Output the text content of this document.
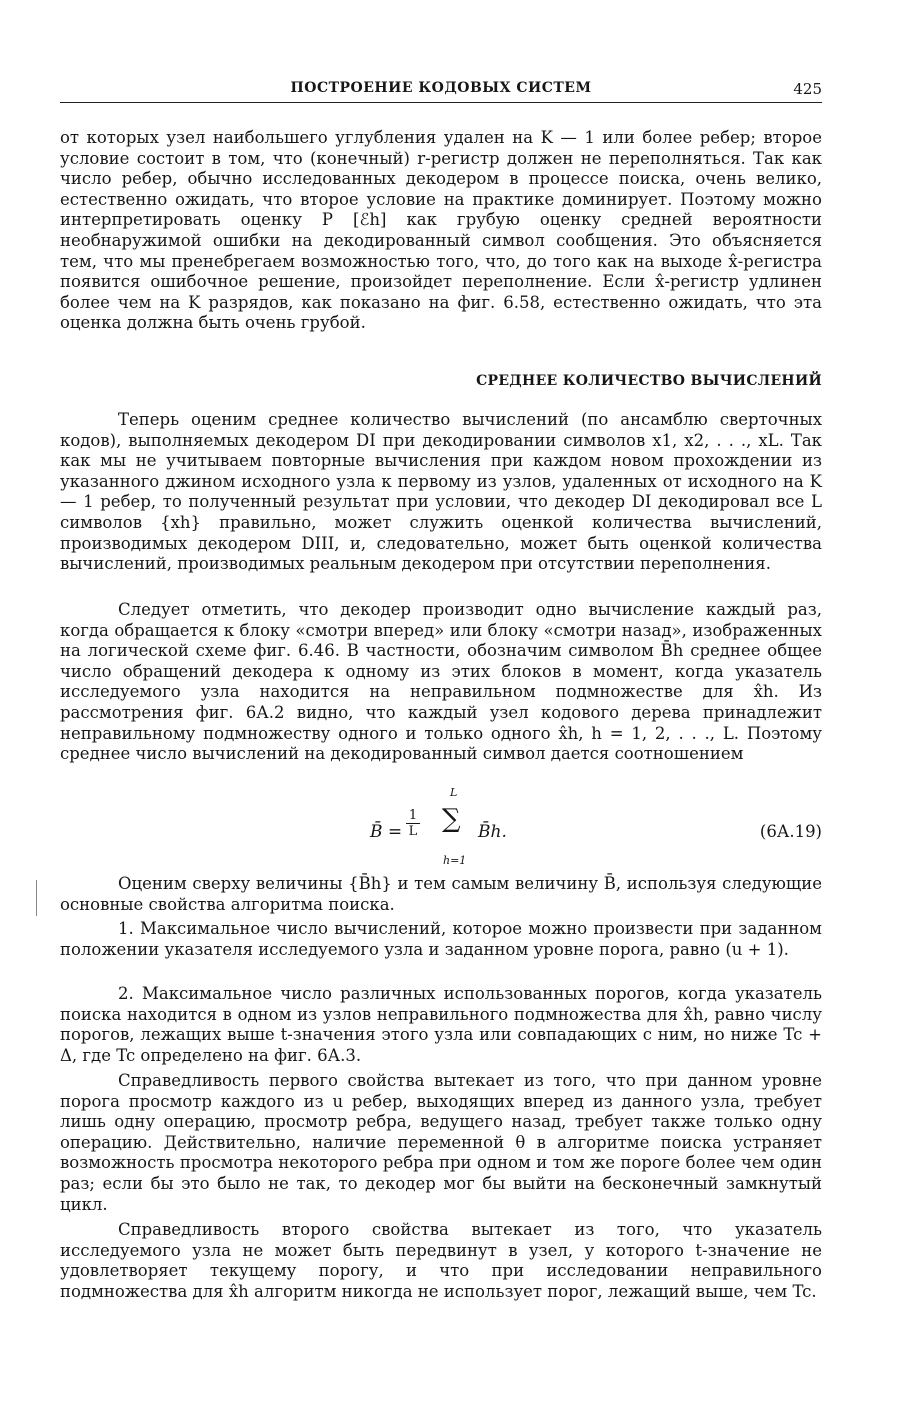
ПОСТРОЕНИЕ КОДОВЫХ СИСТЕМ	425

от которых узел наибольшего углубления удален на K — 1 или более ребер; второе условие состоит в том, что (конечный) r-регистр должен не переполняться. Так как число ребер, обычно исследованных декодером в процессе поиска, очень велико, естественно ожидать, что второе условие на практике доминирует. Поэтому можно интерпретировать оценку P [ℰh] как грубую оценку средней вероятности необнаружимой ошибки на декодированный символ сообщения. Это объясняется тем, что мы пренебрегаем возможностью того, что, до того как на выходе x̂-регистра появится ошибочное решение, произойдет переполнение. Если x̂-регистр удлинен более чем на K разрядов, как показано на фиг. 6.58, естественно ожидать, что эта оценка должна быть очень грубой.

СРЕДНЕЕ КОЛИЧЕСТВО ВЫЧИСЛЕНИЙ

Теперь оценим среднее количество вычислений (по ансамблю сверточных кодов), выполняемых декодером DI при декодировании символов x1, x2, . . ., xL. Так как мы не учитываем повторные вычисления при каждом новом прохождении из указанного джином исходного узла к первому из узлов, удаленных от исходного на K — 1 ребер, то полученный результат при условии, что декодер DI декодировал все L символов {xh} правильно, может служить оценкой количества вычислений, производимых декодером DIII, и, следовательно, может быть оценкой количества вычислений, производимых реальным декодером при отсутствии переполнения.

Следует отметить, что декодер производит одно вычисление каждый раз, когда обращается к блоку «смотри вперед» или блоку «смотри назад», изображенных на логической схеме фиг. 6.46. В частности, обозначим символом B̄h среднее общее число обращений декодера к одному из этих блоков в момент, когда указатель исследуемого узла находится на неправильном подмножестве для x̂h. Из рассмотрения фиг. 6А.2 видно, что каждый узел кодового дерева принадлежит неправильному подмножеству одного и только одного x̂h, h = 1, 2, . . ., L. Поэтому среднее число вычислений на декодированный символ дается соотношением

L
B̄ = $\frac{1}{L}$ ∑
h=1
B̄h.	(6А.19)

Оценим сверху величины {B̄h} и тем самым величину B̄, используя следующие основные свойства алгоритма поиска.

1. Максимальное число вычислений, которое можно произвести при заданном положении указателя исследуемого узла и заданном уровне порога, равно (u + 1).

2. Максимальное число различных использованных порогов, когда указатель поиска находится в одном из узлов неправильного подмножества для x̂h, равно числу порогов, лежащих выше t-значения этого узла или совпадающих с ним, но ниже Tc + Δ, где Tc определено на фиг. 6А.3.

Справедливость первого свойства вытекает из того, что при данном уровне порога просмотр каждого из u ребер, выходящих вперед из данного узла, требует лишь одну операцию, просмотр ребра, ведущего назад, требует также только одну операцию. Действительно, наличие переменной θ в алгоритме поиска устраняет возможность просмотра некоторого ребра при одном и том же пороге более чем один раз; если бы это было не так, то декодер мог бы выйти на бесконечный замкнутый цикл.

Справедливость второго свойства вытекает из того, что указатель исследуемого узла не может быть передвинут в узел, у которого t-значение не удовлетворяет текущему порогу, и что при исследовании неправильного подмножества для x̂h алгоритм никогда не использует порог, лежащий выше, чем Tc.
